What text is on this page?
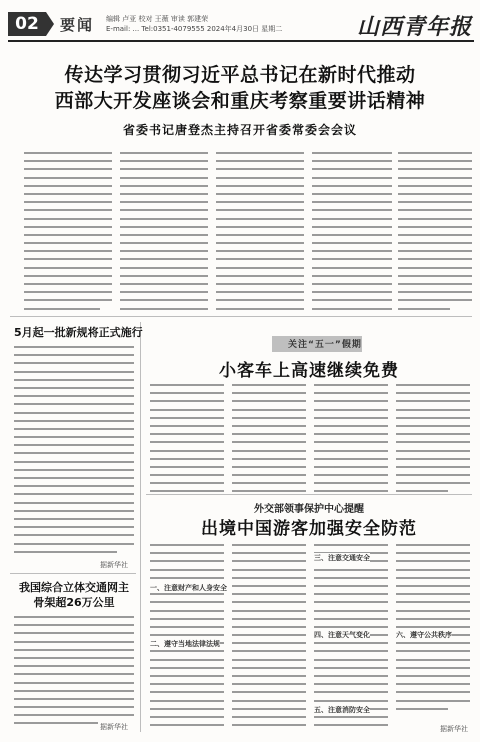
02	要闻 编辑 卢亚 校对 王薇 审读 郭建荣
E-mail: ... Tel:0351-4079555 2024年4月30日 星期二	山西青年报
传达学习贯彻习近平总书记在新时代推动
西部大开发座谈会和重庆考察重要讲话精神
省委书记唐登杰主持召开省委常委会会议
5月起一批新规将正式施行
据新华社
我国综合立体交通网主骨架超26万公里
据新华社
关注“五一”假期
小客车上高速继续免费
外交部领事保护中心提醒
出境中国游客加强安全防范
一、注意财产和人身安全
二、遵守当地法律法规
三、注意交通安全
四、注意天气变化
五、注意消防安全
六、遵守公共秩序
据新华社
